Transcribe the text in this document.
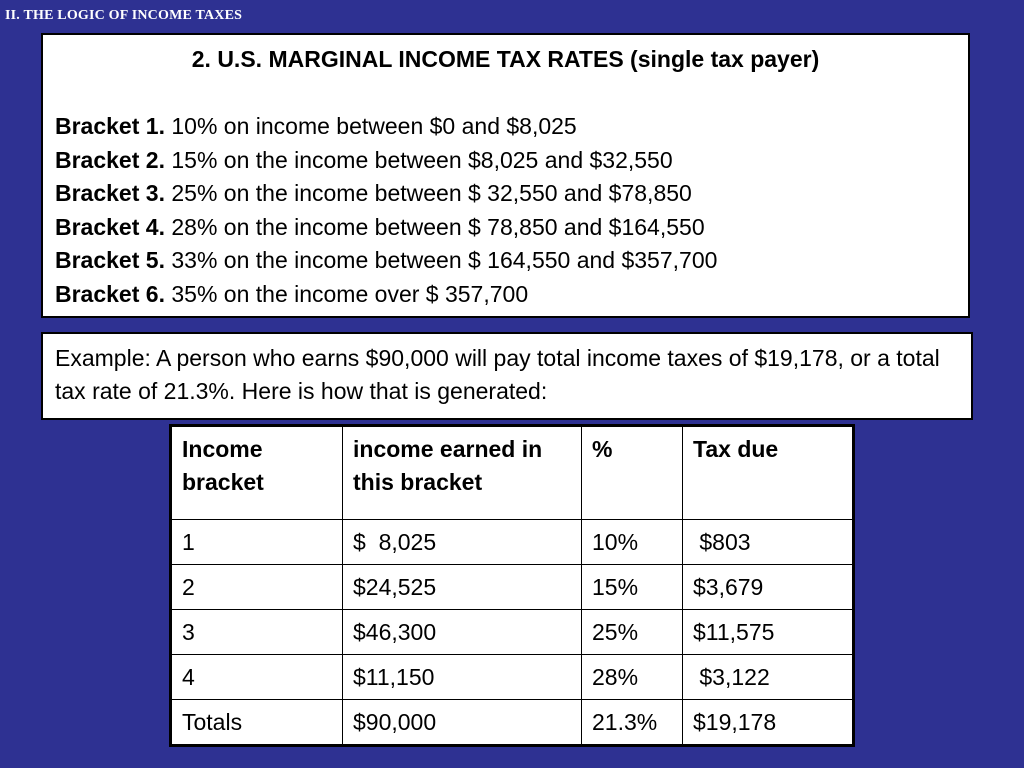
II. THE LOGIC OF INCOME TAXES
2. U.S. MARGINAL INCOME TAX RATES (single tax payer)
Bracket 1. 10% on income between $0 and $8,025
Bracket 2. 15% on the income between $8,025 and $32,550
Bracket 3. 25% on the income between $ 32,550 and $78,850
Bracket 4. 28% on the income between $ 78,850 and $164,550
Bracket 5. 33% on the income between $ 164,550 and $357,700
Bracket 6. 35% on the income over $ 357,700
Example: A person who earns $90,000 will pay total income taxes of $19,178, or a total tax rate of 21.3%. Here is how that is generated:
Income bracket	income earned in this bracket	%	Tax due
1	$  8,025	10%	$803
2	$24,525	15%	$3,679
3	$46,300	25%	$11,575
4	$11,150	28%	$3,122
Totals	$90,000	21.3%	$19,178
